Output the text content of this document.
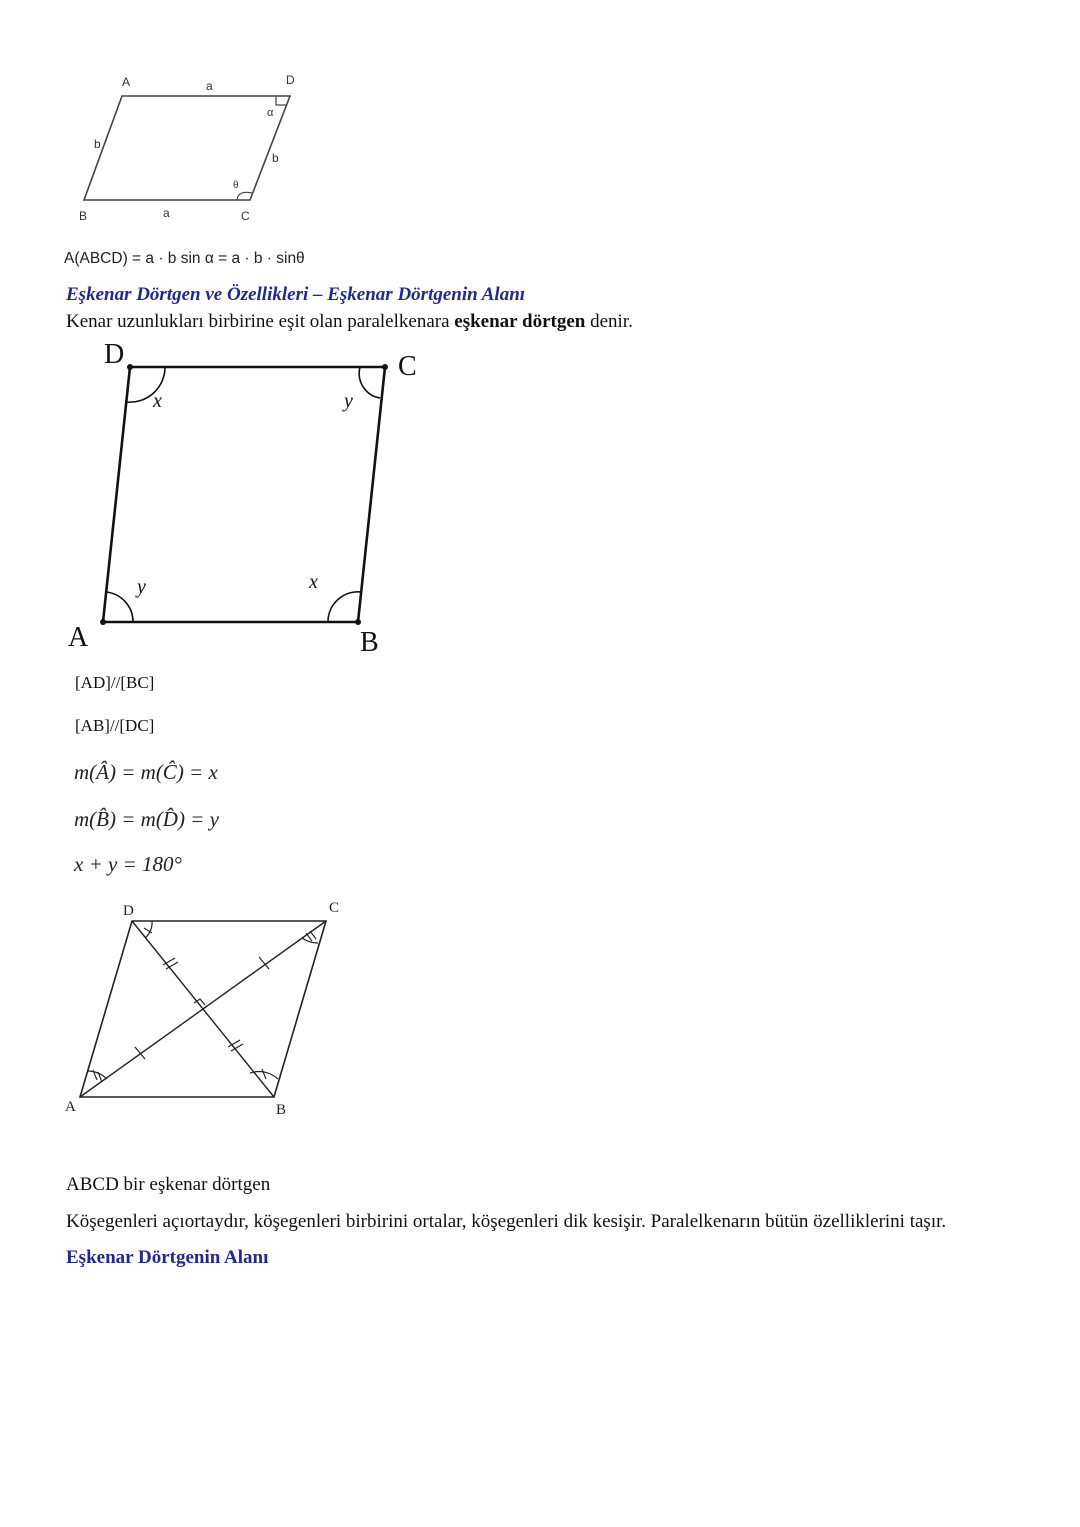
A	D
a
b
b
α
θ
B	a	C
A(ABCD) = a · b sin α = a · b · sinθ
Eşkenar Dörtgen ve Özellikleri – Eşkenar Dörtgenin Alanı
Kenar uzunlukları birbirine eşit olan paralelkenara eşkenar dörtgen denir.
D	C
A	B
x	y
y	x
[AD]//[BC]
[AB]//[DC]
m(Â) = m(Ĉ) = x
m(B̂) = m(D̂) = y
x + y = 180°
D	C
A	B
ABCD bir eşkenar dörtgen
Köşegenleri açıortaydır, köşegenleri birbirini ortalar, köşegenleri dik kesişir. Paralelkenarın bütün özelliklerini taşır.
Eşkenar Dörtgenin Alanı
